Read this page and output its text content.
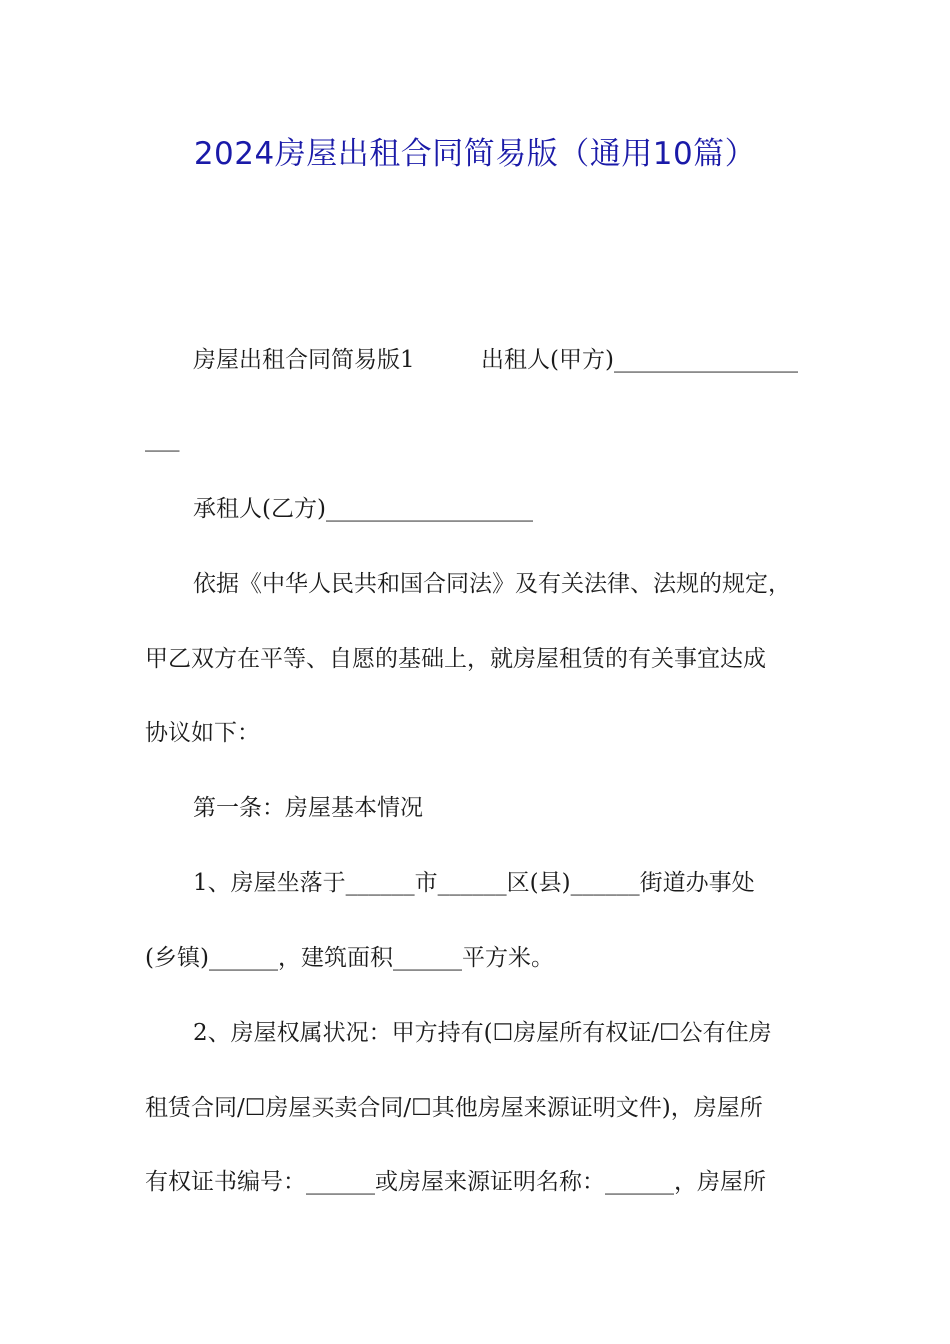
2024房屋出租合同简易版（通用10篇）
房屋出租合同简易版1	出租人(甲方)________________
___
承租人(乙方)__________________
依据《中华人民共和国合同法》及有关法律、法规的规定，
甲乙双方在平等、自愿的基础上，就房屋租赁的有关事宜达成
协议如下：
第一条：房屋基本情况
1、房屋坐落于______市______区(县)______街道办事处
(乡镇)______，建筑面积______平方米。
2、房屋权属状况：甲方持有(☐房屋所有权证/☐公有住房
租赁合同/☐房屋买卖合同/☐其他房屋来源证明文件)，房屋所
有权证书编号：______或房屋来源证明名称：______，房屋所
